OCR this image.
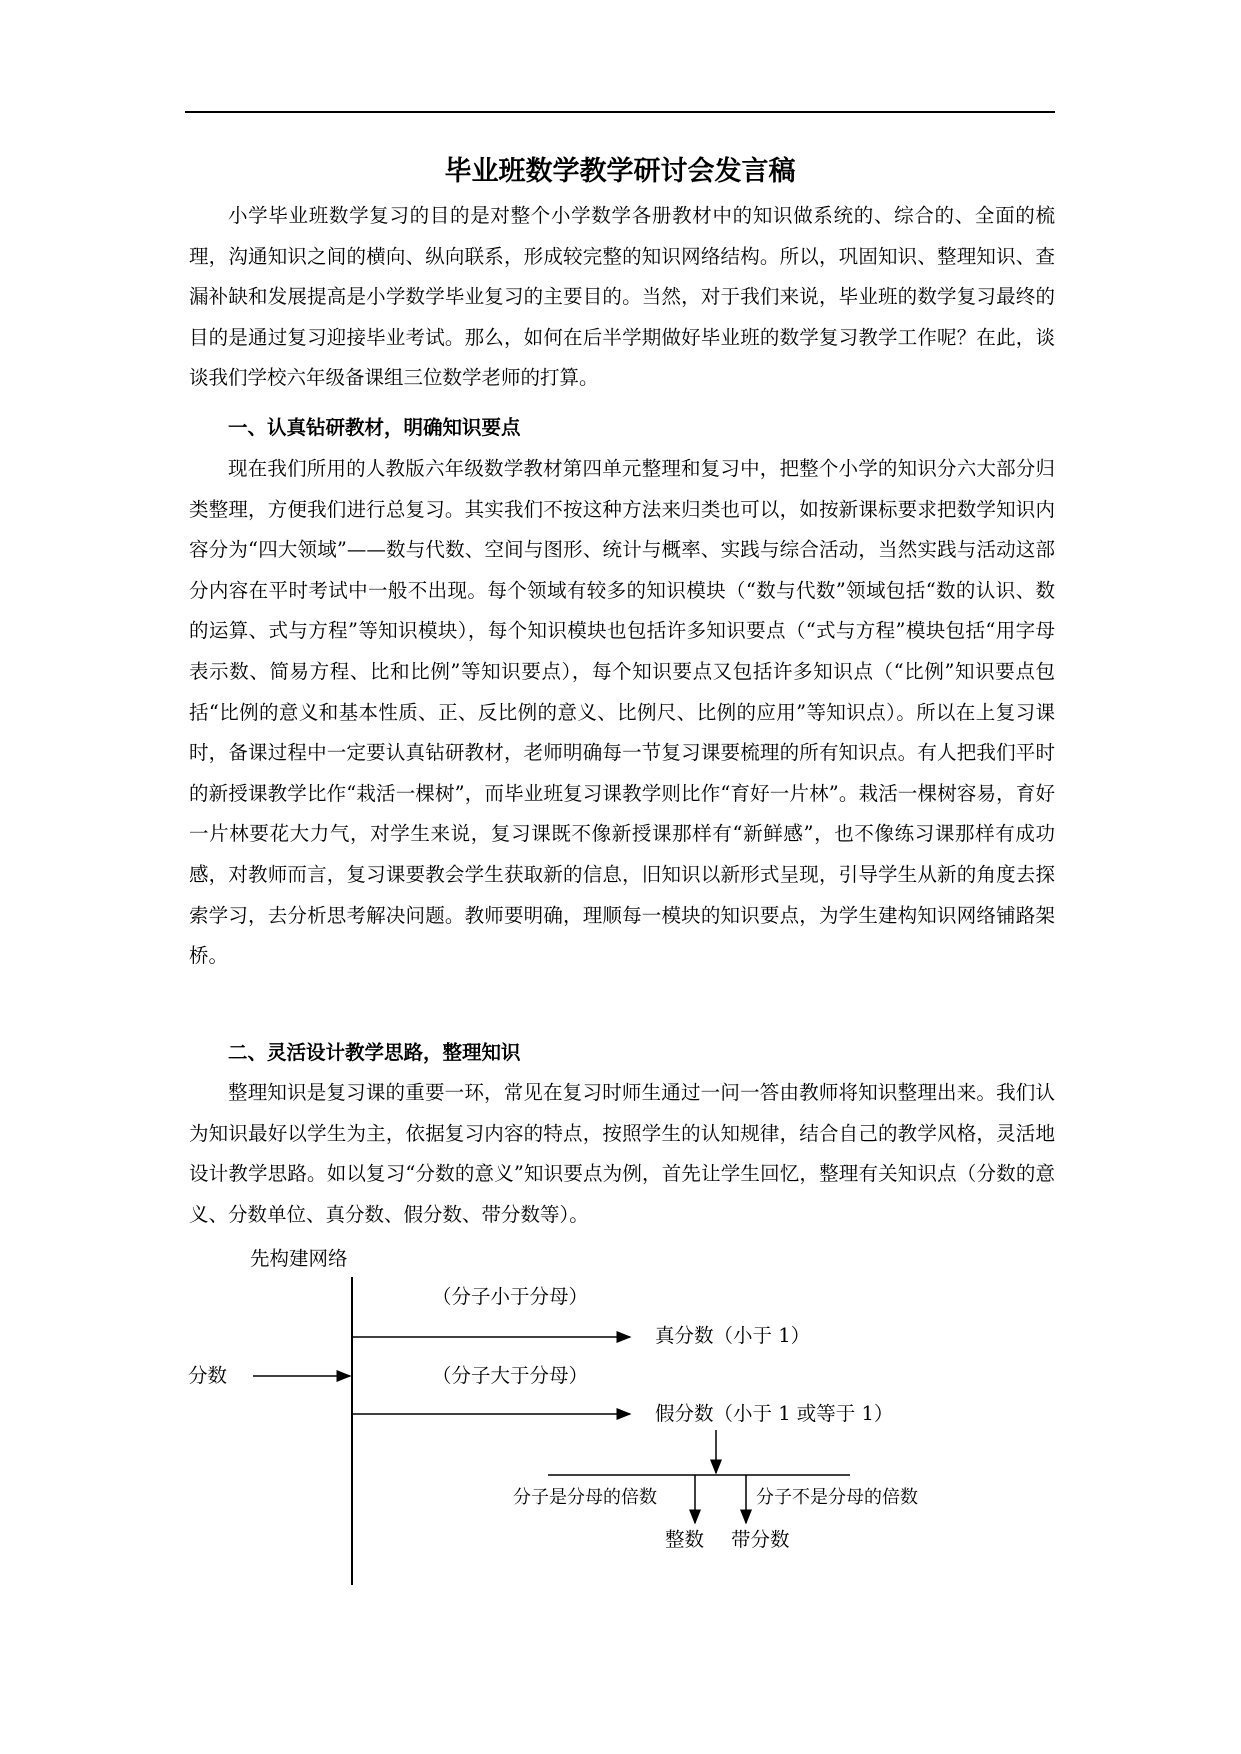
毕业班数学教学研讨会发言稿

小学毕业班数学复习的目的是对整个小学数学各册教材中的知识做系统的、综合的、全面的梳理，沟通知识之间的横向、纵向联系，形成较完整的知识网络结构。所以，巩固知识、整理知识、查漏补缺和发展提高是小学数学毕业复习的主要目的。当然，对于我们来说，毕业班的数学复习最终的目的是通过复习迎接毕业考试。那么，如何在后半学期做好毕业班的数学复习教学工作呢？在此，谈谈我们学校六年级备课组三位数学老师的打算。

一、认真钻研教材，明确知识要点

现在我们所用的人教版六年级数学教材第四单元整理和复习中，把整个小学的知识分六大部分归类整理，方便我们进行总复习。其实我们不按这种方法来归类也可以，如按新课标要求把数学知识内容分为“四大领域”——数与代数、空间与图形、统计与概率、实践与综合活动，当然实践与活动这部分内容在平时考试中一般不出现。每个领域有较多的知识模块（“数与代数”领域包括“数的认识、数的运算、式与方程”等知识模块），每个知识模块也包括许多知识要点（“式与方程”模块包括“用字母表示数、简易方程、比和比例”等知识要点），每个知识要点又包括许多知识点（“比例”知识要点包括“比例的意义和基本性质、正、反比例的意义、比例尺、比例的应用”等知识点）。所以在上复习课时，备课过程中一定要认真钻研教材，老师明确每一节复习课要梳理的所有知识点。有人把我们平时的新授课教学比作“栽活一棵树”，而毕业班复习课教学则比作“育好一片林”。栽活一棵树容易，育好一片林要花大力气，对学生来说，复习课既不像新授课那样有“新鲜感”，也不像练习课那样有成功感，对教师而言，复习课要教会学生获取新的信息，旧知识以新形式呈现，引导学生从新的角度去探索学习，去分析思考解决问题。教师要明确，理顺每一模块的知识要点，为学生建构知识网络铺路架桥。

二、灵活设计教学思路，整理知识

整理知识是复习课的重要一环，常见在复习时师生通过一问一答由教师将知识整理出来。我们认为知识最好以学生为主，依据复习内容的特点，按照学生的认知规律，结合自己的教学风格，灵活地设计教学思路。如以复习“分数的意义”知识要点为例，首先让学生回忆，整理有关知识点（分数的意义、分数单位、真分数、假分数、带分数等）。

先构建网络
分数
（分子小于分母）
真分数（小于 1）
（分子大于分母）
假分数（小于 1 或等于 1）
分子是分母的倍数	分子不是分母的倍数
整数 带分数
